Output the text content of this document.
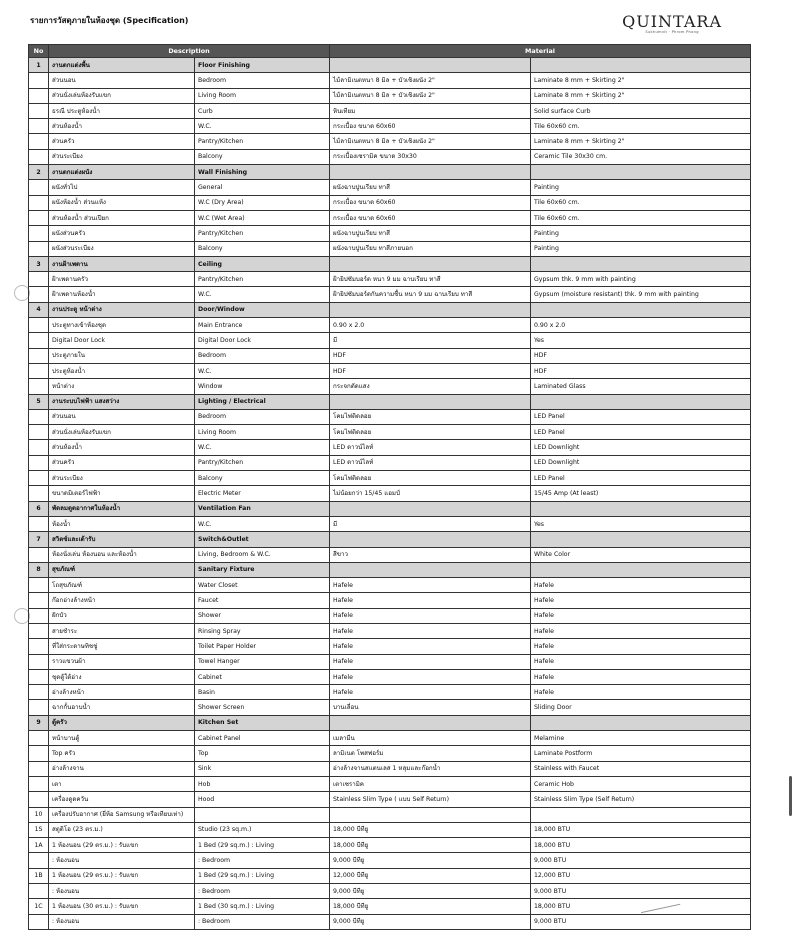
รายการวัสดุภายในห้องชุด (Specification)	QUINTARA
Sukhumvit · Phrom Phong
No	Description		Material	
1	งานตกแต่งพื้น	Floor Finishing		
	ส่วนนอน	Bedroom	ไม้ลามิเนตหนา 8 มิล + บัวเชิงผนัง 2"	Laminate 8 mm + Skirting 2"
	ส่วนนั่งเล่นห้องรับแขก	Living Room	ไม้ลามิเนตหนา 8 มิล + บัวเชิงผนัง 2"	Laminate 8 mm + Skirting 2"
	ธรณี ประตูห้องน้ำ	Curb	หินเทียม	Solid surface Curb
	ส่วนห้องน้ำ	W.C.	กระเบื้อง ขนาด 60x60	Tile 60x60 cm.
	ส่วนครัว	Pantry/Kitchen	ไม้ลามิเนตหนา 8 มิล + บัวเชิงผนัง 2"	Laminate 8 mm + Skirting 2"
	ส่วนระเบียง	Balcony	กระเบื้องเซรามิค ขนาด 30x30	Ceramic Tile 30x30 cm.
2	งานตกแต่งผนัง	Wall Finishing		
	ผนังทั่วไป	General	ผนังฉาบปูนเรียบ ทาสี	Painting
	ผนังห้องน้ำ ส่วนแห้ง	W.C (Dry Area)	กระเบื้อง ขนาด 60x60	Tile 60x60 cm.
	ส่วนห้องน้ำ ส่วนเปียก	W.C (Wet Area)	กระเบื้อง ขนาด 60x60	Tile 60x60 cm.
	ผนังส่วนครัว	Pantry/Kitchen	ผนังฉาบปูนเรียบ ทาสี	Painting
	ผนังส่วนระเบียง	Balcony	ผนังฉาบปูนเรียบ ทาสีภายนอก	Painting
3	งานฝ้าเพดาน	Ceiling		
	ฝ้าเพดานครัว	Pantry/Kitchen	ฝ้ายิปซัมบอร์ด หนา 9 มม ฉาบเรียบ ทาสี	Gypsum thk. 9 mm with painting
	ฝ้าเพดานห้องน้ำ	W.C.	ฝ้ายิปซัมบอร์ดกันความชื้น หนา 9 มม ฉาบเรียบ ทาสี	Gypsum (moisture resistant) thk. 9 mm with painting
4	งานประตู หน้าต่าง	Door/Window		
	ประตูทางเข้าห้องชุด	Main Entrance	0.90 x 2.0	0.90 x 2.0
	Digital Door Lock	Digital Door Lock	มี	Yes
	ประตูภายใน	Bedroom	HDF	HDF
	ประตูห้องน้ำ	W.C.	HDF	HDF
	หน้าต่าง	Window	กระจกตัดแสง	Laminated Glass
5	งานระบบไฟฟ้า แสงสว่าง	Lighting / Electrical		
	ส่วนนอน	Bedroom	โคมไฟติดลอย	LED Panel
	ส่วนนั่งเล่นห้องรับแขก	Living Room	โคมไฟติดลอย	LED Panel
	ส่วนห้องน้ำ	W.C.	LED ดาวน์ไลท์	LED Downlight
	ส่วนครัว	Pantry/Kitchen	LED ดาวน์ไลท์	LED Downlight
	ส่วนระเบียง	Balcony	โคมไฟติดลอย	LED Panel
	ขนาดมิเตอร์ไฟฟ้า	Electric Meter	ไม่น้อยกว่า 15/45 แอมป์	15/45 Amp (At least)
6	พัดลมดูดอากาศในห้องน้ำ	Ventilation Fan		
	ห้องน้ำ	W.C.	มี	Yes
7	สวิตซ์และเต้ารับ	Switch&Outlet		
	ห้องนั่งเล่น ห้องนอน และห้องน้ำ	Living, Bedroom & W.C.	สีขาว	White Color
8	สุขภัณฑ์	Sanitary Fixture		
	โถสุขภัณฑ์	Water Closet	Hafele	Hafele
	ก๊อกอ่างล้างหน้า	Faucet	Hafele	Hafele
	ฝักบัว	Shower	Hafele	Hafele
	สายชำระ	Rinsing Spray	Hafele	Hafele
	ที่ใส่กระดาษทิชชู่	Toilet Paper Holder	Hafele	Hafele
	ราวแขวนผ้า	Towel Hanger	Hafele	Hafele
	ชุดตู้ใต้อ่าง	Cabinet	Hafele	Hafele
	อ่างล้างหน้า	Basin	Hafele	Hafele
	ฉากกั้นอาบน้ำ	Shower Screen	บานเลื่อน	Sliding Door
9	ตู้ครัว	Kitchen Set		
	หน้าบานตู้	Cabinet Panel	เมลามีน	Melamine
	Top ครัว	Top	ลามิเนต โพสฟอร์ม	Laminate Postform
	อ่างล้างจาน	Sink	อ่างล้างจานสแตนเลส 1 หลุมและก๊อกน้ำ	Stainless with Faucet
	เตา	Hob	เตาเซรามิค	Ceramic Hob
	เครื่องดูดควัน	Hood	Stainless Slim Type ( แบบ Self Return)	Stainless Slim Type (Self Return)
10	เครื่องปรับอากาศ (ยี่ห้อ Samsung หรือเทียบเท่า)			
1S	สตูดิโอ (23 ตร.ม.)	Studio (23 sq.m.)	18,000 บีทียู	18,000 BTU
1A	1 ห้องนอน (29 ตร.ม.) : รับแขก	1 Bed (29 sq.m.) : Living	18,000 บีทียู	18,000 BTU
	: ห้องนอน	: Bedroom	9,000 บีทียู	9,000 BTU
1B	1 ห้องนอน (29 ตร.ม.) : รับแขก	1 Bed (29 sq.m.) : Living	12,000 บีทียู	12,000 BTU
	: ห้องนอน	: Bedroom	9,000 บีทียู	9,000 BTU
1C	1 ห้องนอน (30 ตร.ม.) : รับแขก	1 Bed (30 sq.m.) : Living	18,000 บีทียู	18,000 BTU
	: ห้องนอน	: Bedroom	9,000 บีทียู	9,000 BTU
